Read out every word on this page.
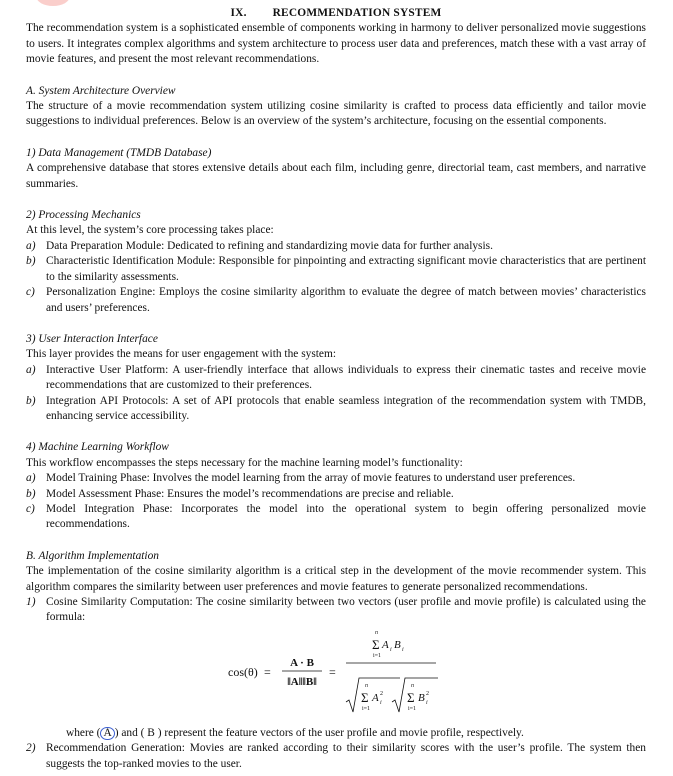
IX. RECOMMENDATION SYSTEM

The recommendation system is a sophisticated ensemble of components working in harmony to deliver personalized movie suggestions to users. It integrates complex algorithms and system architecture to process user data and preferences, match these with a vast array of movie features, and present the most relevant recommendations.

A. System Architecture Overview

The structure of a movie recommendation system utilizing cosine similarity is crafted to process data efficiently and tailor movie suggestions to individual preferences. Below is an overview of the system’s architecture, focusing on the essential components.

1) Data Management (TMDB Database)

A comprehensive database that stores extensive details about each film, including genre, directorial team, cast members, and narrative summaries.

2) Processing Mechanics

At this level, the system’s core processing takes place:

a) Data Preparation Module: Dedicated to refining and standardizing movie data for further analysis.
b) Characteristic Identification Module: Responsible for pinpointing and extracting significant movie characteristics that are pertinent to the similarity assessments.
c) Personalization Engine: Employs the cosine similarity algorithm to evaluate the degree of match between movies’ characteristics and users’ preferences.
3) User Interaction Interface

This layer provides the means for user engagement with the system:

a) Interactive User Platform: A user-friendly interface that allows individuals to express their cinematic tastes and receive movie recommendations that are customized to their preferences.
b) Integration API Protocols: A set of API protocols that enable seamless integration of the recommendation system with TMDB, enhancing service accessibility.
4) Machine Learning Workflow

This workflow encompasses the steps necessary for the machine learning model’s functionality:

a) Model Training Phase: Involves the model learning from the array of movie features to understand user preferences.
b) Model Assessment Phase: Ensures the model’s recommendations are precise and reliable.
c) Model Integration Phase: Incorporates the model into the operational system to begin offering personalized movie recommendations.
B. Algorithm Implementation

The implementation of the cosine similarity algorithm is a critical step in the development of the movie recommender system. This algorithm compares the similarity between user preferences and movie features to generate personalized recommendations.

1) Cosine Similarity Computation: The cosine similarity between two vectors (user profile and movie profile) is calculated using the formula:
cos(θ) =
A · B
‖A‖‖B‖
=
n
Σ
i=1
A i B i
n
Σ
i=1
A i
2
n
Σ
i=1
B i
2
where ( A ) and ( B ) represent the feature vectors of the user profile and movie profile, respectively.
2) Recommendation Generation: Movies are ranked according to their similarity scores with the user’s profile. The system then suggests the top-ranked movies to the user.
